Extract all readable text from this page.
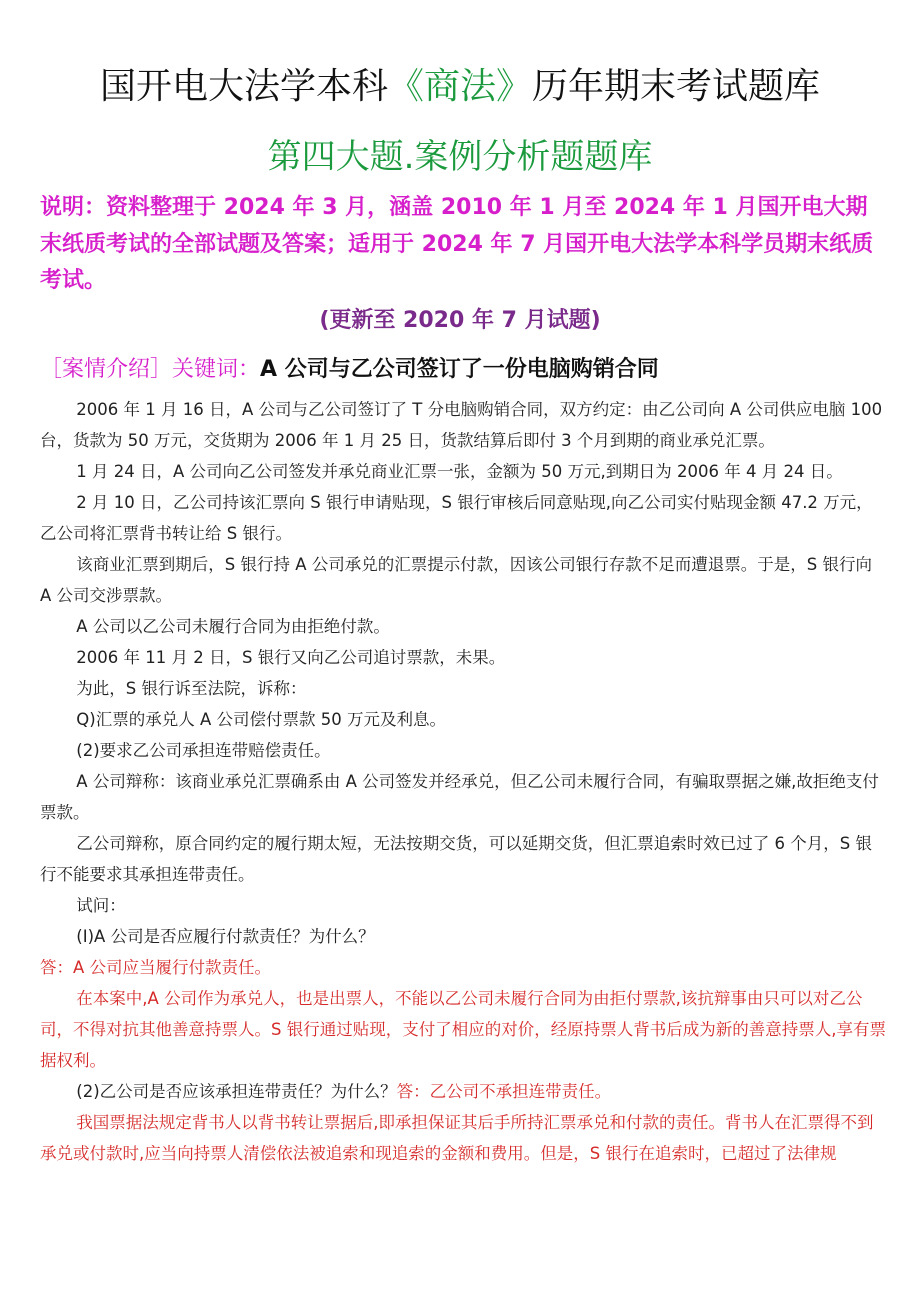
国开电大法学本科《商法》历年期末考试题库
第四大题.案例分析题题库
说明：资料整理于 2024 年 3 月，涵盖 2010 年 1 月至 2024 年 1 月国开电大期末纸质考试的全部试题及答案；适用于 2024 年 7 月国开电大法学本科学员期末纸质考试。
(更新至 2020 年 7 月试题)
［案情介绍］关键词：A 公司与乙公司签订了一份电脑购销合同

2006 年 1 月 16 日，A 公司与乙公司签订了 T 分电脑购销合同，双方约定：由乙公司向 A 公司供应电脑 100 台，货款为 50 万元，交货期为 2006 年 1 月 25 日，货款结算后即付 3 个月到期的商业承兑汇票。

1 月 24 日，A 公司向乙公司签发并承兑商业汇票一张，金额为 50 万元,到期日为 2006 年 4 月 24 日。

2 月 10 日，乙公司持该汇票向 S 银行申请贴现，S 银行审核后同意贴现,向乙公司实付贴现金额 47.2 万元，乙公司将汇票背书转让给 S 银行。

该商业汇票到期后，S 银行持 A 公司承兑的汇票提示付款，因该公司银行存款不足而遭退票。于是，S 银行向 A 公司交涉票款。

A 公司以乙公司未履行合同为由拒绝付款。

2006 年 11 月 2 日，S 银行又向乙公司追讨票款，未果。

为此，S 银行诉至法院，诉称：

Q)汇票的承兑人 A 公司偿付票款 50 万元及利息。

(2)要求乙公司承担连带赔偿责任。

A 公司辩称：该商业承兑汇票确系由 A 公司签发并经承兑，但乙公司未履行合同，有骗取票据之嫌,故拒绝支付票款。

乙公司辩称，原合同约定的履行期太短，无法按期交货，可以延期交货，但汇票追索时效已过了 6 个月，S 银行不能要求其承担连带责任。

试问：

(I)A 公司是否应履行付款责任？为什么？

答：A 公司应当履行付款责任。

在本案中,A 公司作为承兑人，也是出票人，不能以乙公司未履行合同为由拒付票款,该抗辩事由只可以对乙公司，不得对抗其他善意持票人。S 银行通过贴现，支付了相应的对价，经原持票人背书后成为新的善意持票人,享有票据权利。

(2)乙公司是否应该承担连带责任？为什么？答：乙公司不承担连带责任。

我国票据法规定背书人以背书转让票据后,即承担保证其后手所持汇票承兑和付款的责任。背书人在汇票得不到承兑或付款时,应当向持票人清偿依法被追索和现追索的金额和费用。但是，S 银行在追索时，已超过了法律规
